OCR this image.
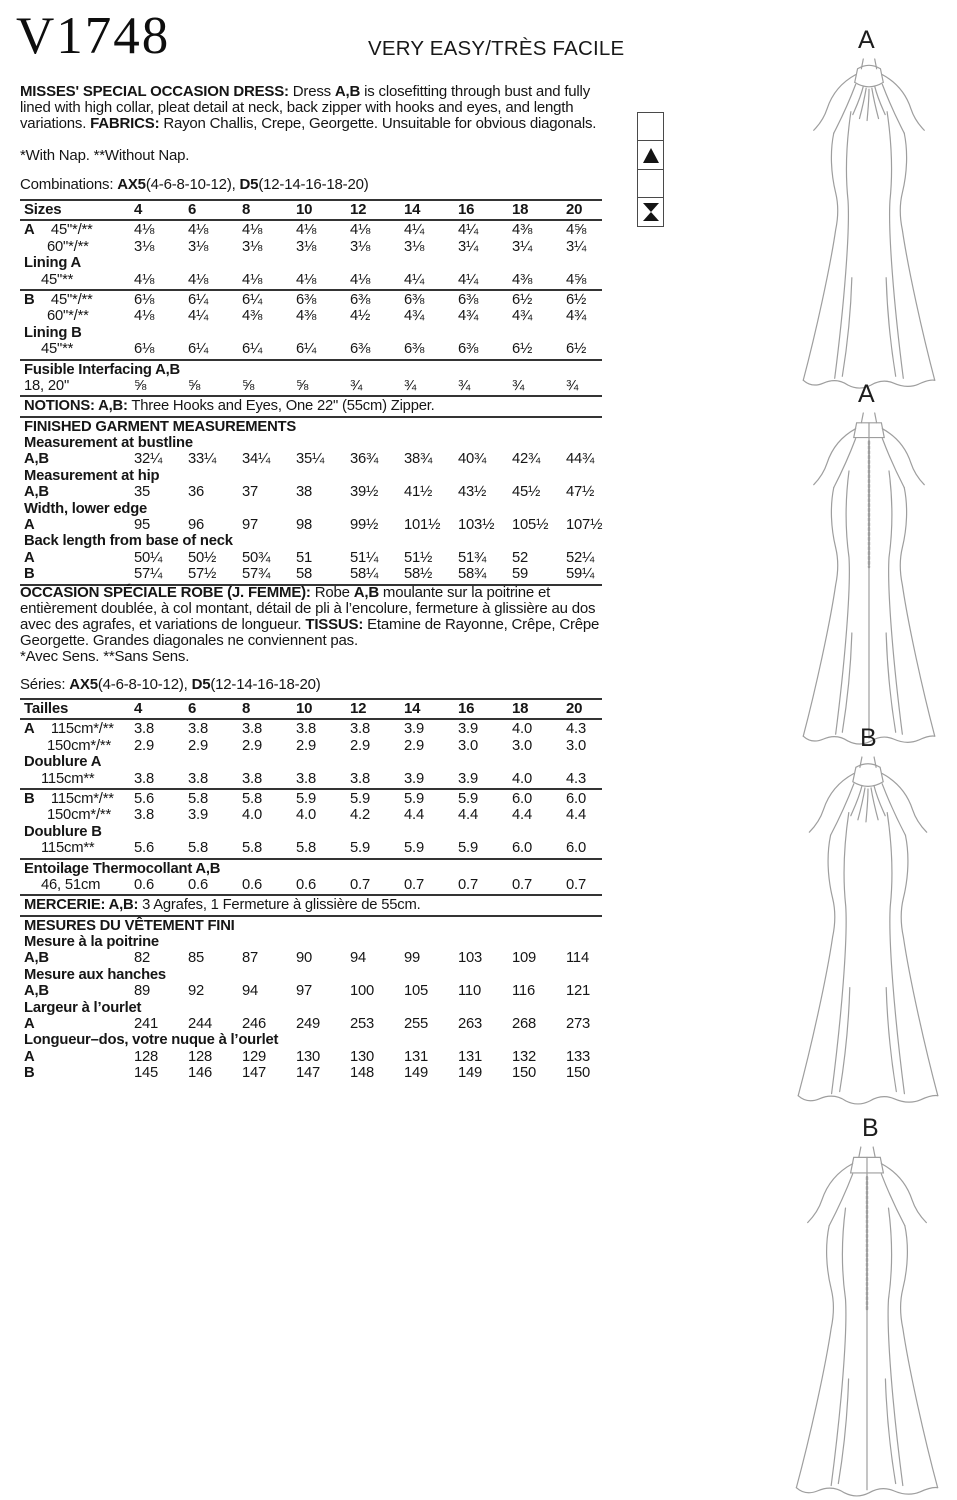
V1748	VERY EASY/TRÈS FACILE
MISSES' SPECIAL OCCASION DRESS: Dress A,B is closefitting through bust and fully lined with high collar, pleat detail at neck, back zipper with hooks and eyes, and length variations. FABRICS: Rayon Challis, Crepe, Georgette. Unsuitable for obvious diagonals.
*With Nap. **Without Nap.
Combinations: AX5(4-6-8-10-12), D5(12-14-16-18-20)
Sizes	4	6	8	10	12	14	16	18	20
A 45"*/**	4⅛	4⅛	4⅛	4⅛	4⅛	4¼	4¼	4⅜	4⅝
60"*/**	3⅛	3⅛	3⅛	3⅛	3⅛	3⅛	3¼	3¼	3¼
Lining A
45"**	4⅛	4⅛	4⅛	4⅛	4⅛	4¼	4¼	4⅜	4⅝
B 45"*/**	6⅛	6¼	6¼	6⅜	6⅜	6⅜	6⅜	6½	6½
60"*/**	4⅛	4¼	4⅜	4⅜	4½	4¾	4¾	4¾	4¾
Lining B
45"**	6⅛	6¼	6¼	6¼	6⅜	6⅜	6⅜	6½	6½
Fusible Interfacing A,B
18, 20"	⅝	⅝	⅝	⅝	¾	¾	¾	¾	¾
NOTIONS: A,B: Three Hooks and Eyes, One 22" (55cm) Zipper.
FINISHED GARMENT MEASUREMENTS
Measurement at bustline
A,B	32¼	33¼	34¼	35¼	36¾	38¾	40¾	42¾	44¾
Measurement at hip
A,B	35	36	37	38	39½	41½	43½	45½	47½
Width, lower edge
A	95	96	97	98	99½	101½	103½	105½	107½
Back length from base of neck
A	50¼	50½	50¾	51	51¼	51½	51¾	52	52¼
B	57¼	57½	57¾	58	58¼	58½	58¾	59	59¼
OCCASION SPÉCIALE ROBE (J. FEMME): Robe A,B moulante sur la poitrine et entièrement doublée, à col montant, détail de pli à l’encolure, fermeture à glissière au dos avec des agrafes, et variations de longueur. TISSUS: Etamine de Rayonne, Crêpe, Crêpe Georgette. Grandes diagonales ne conviennent pas.
*Avec Sens. **Sans Sens.
Séries: AX5(4-6-8-10-12), D5(12-14-16-18-20)
Tailles	4	6	8	10	12	14	16	18	20
A 115cm*/**	3.8	3.8	3.8	3.8	3.8	3.9	3.9	4.0	4.3
150cm*/**	2.9	2.9	2.9	2.9	2.9	2.9	3.0	3.0	3.0
Doublure A
115cm**	3.8	3.8	3.8	3.8	3.8	3.9	3.9	4.0	4.3
B 115cm*/**	5.6	5.8	5.8	5.9	5.9	5.9	5.9	6.0	6.0
150cm*/**	3.8	3.9	4.0	4.0	4.2	4.4	4.4	4.4	4.4
Doublure B
115cm**	5.6	5.8	5.8	5.8	5.9	5.9	5.9	6.0	6.0
Entoilage Thermocollant A,B
46, 51cm	0.6	0.6	0.6	0.6	0.7	0.7	0.7	0.7	0.7
MERCERIE: A,B: 3 Agrafes, 1 Fermeture à glissière de 55cm.
MESURES DU VÊTEMENT FINI
Mesure à la poitrine
A,B	82	85	87	90	94	99	103	109	114
Mesure aux hanches
A,B	89	92	94	97	100	105	110	116	121
Largeur à l’ourlet
A	241	244	246	249	253	255	263	268	273
Longueur–dos, votre nuque à l’ourlet
A	128	128	129	130	130	131	131	132	133
B	145	146	147	147	148	149	149	150	150
A
A
B
B
